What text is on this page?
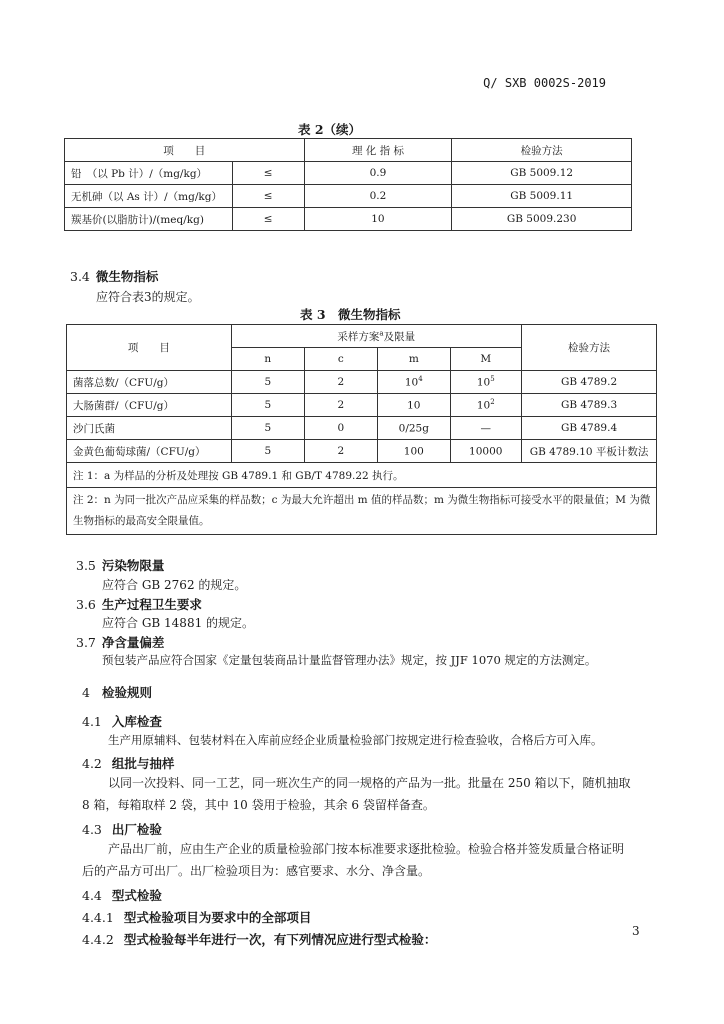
Q/ SXB 0002S-2019
表 2（续）
项　　目		理 化 指 标	检验方法
铅　（以 Pb 计）/（mg/kg）	≤	0.9	GB 5009.12
无机砷（以 As 计）/（mg/kg）	≤	0.2	GB 5009.11
羰基价(以脂肪计)/(meq/kg)	≤	10	GB 5009.230
3.4 微生物指标
应符合表3的规定。
表 3　微生物指标
项　　目	采样方案$^a$及限量				检验方法
	n	c	m	M	
菌落总数/（CFU/g）	5	2	$10^4$	$10^5$	GB 4789.2
大肠菌群/（CFU/g）	5	2	10	$10^2$	GB 4789.3
沙门氏菌	5	0	0/25g	—	GB 4789.4
金黄色葡萄球菌/（CFU/g）	5	2	100	10000	GB 4789.10 平板计数法
注 1：a 为样品的分析及处理按 GB 4789.1 和 GB/T 4789.22 执行。					

注 2：n 为同一批次产品应采集的样品数；c 为最大允许超出 m 值的样品数；m 为微生物指标可接受水平的限量值；M 为微
生物指标的最高安全限量值。					
3.5 污染物限量
应符合 GB 2762 的规定。
3.6 生产过程卫生要求
应符合 GB 14881 的规定。
3.7 净含量偏差
预包装产品应符合国家《定量包装商品计量监督管理办法》规定，按 JJF 1070 规定的方法测定。
4 检验规则
4.1 入库检查
生产用原辅料、包装材料在入库前应经企业质量检验部门按规定进行检查验收，合格后方可入库。
4.2 组批与抽样
以同一次投料、同一工艺，同一班次生产的同一规格的产品为一批。批量在 250 箱以下，随机抽取
8 箱，每箱取样 2 袋，其中 10 袋用于检验，其余 6 袋留样备查。
4.3 出厂检验
产品出厂前，应由生产企业的质量检验部门按本标准要求逐批检验。检验合格并签发质量合格证明
后的产品方可出厂。出厂检验项目为：感官要求、水分、净含量。
4.4 型式检验
4.4.1 型式检验项目为要求中的全部项目
4.4.2 型式检验每半年进行一次，有下列情况应进行型式检验：
3
